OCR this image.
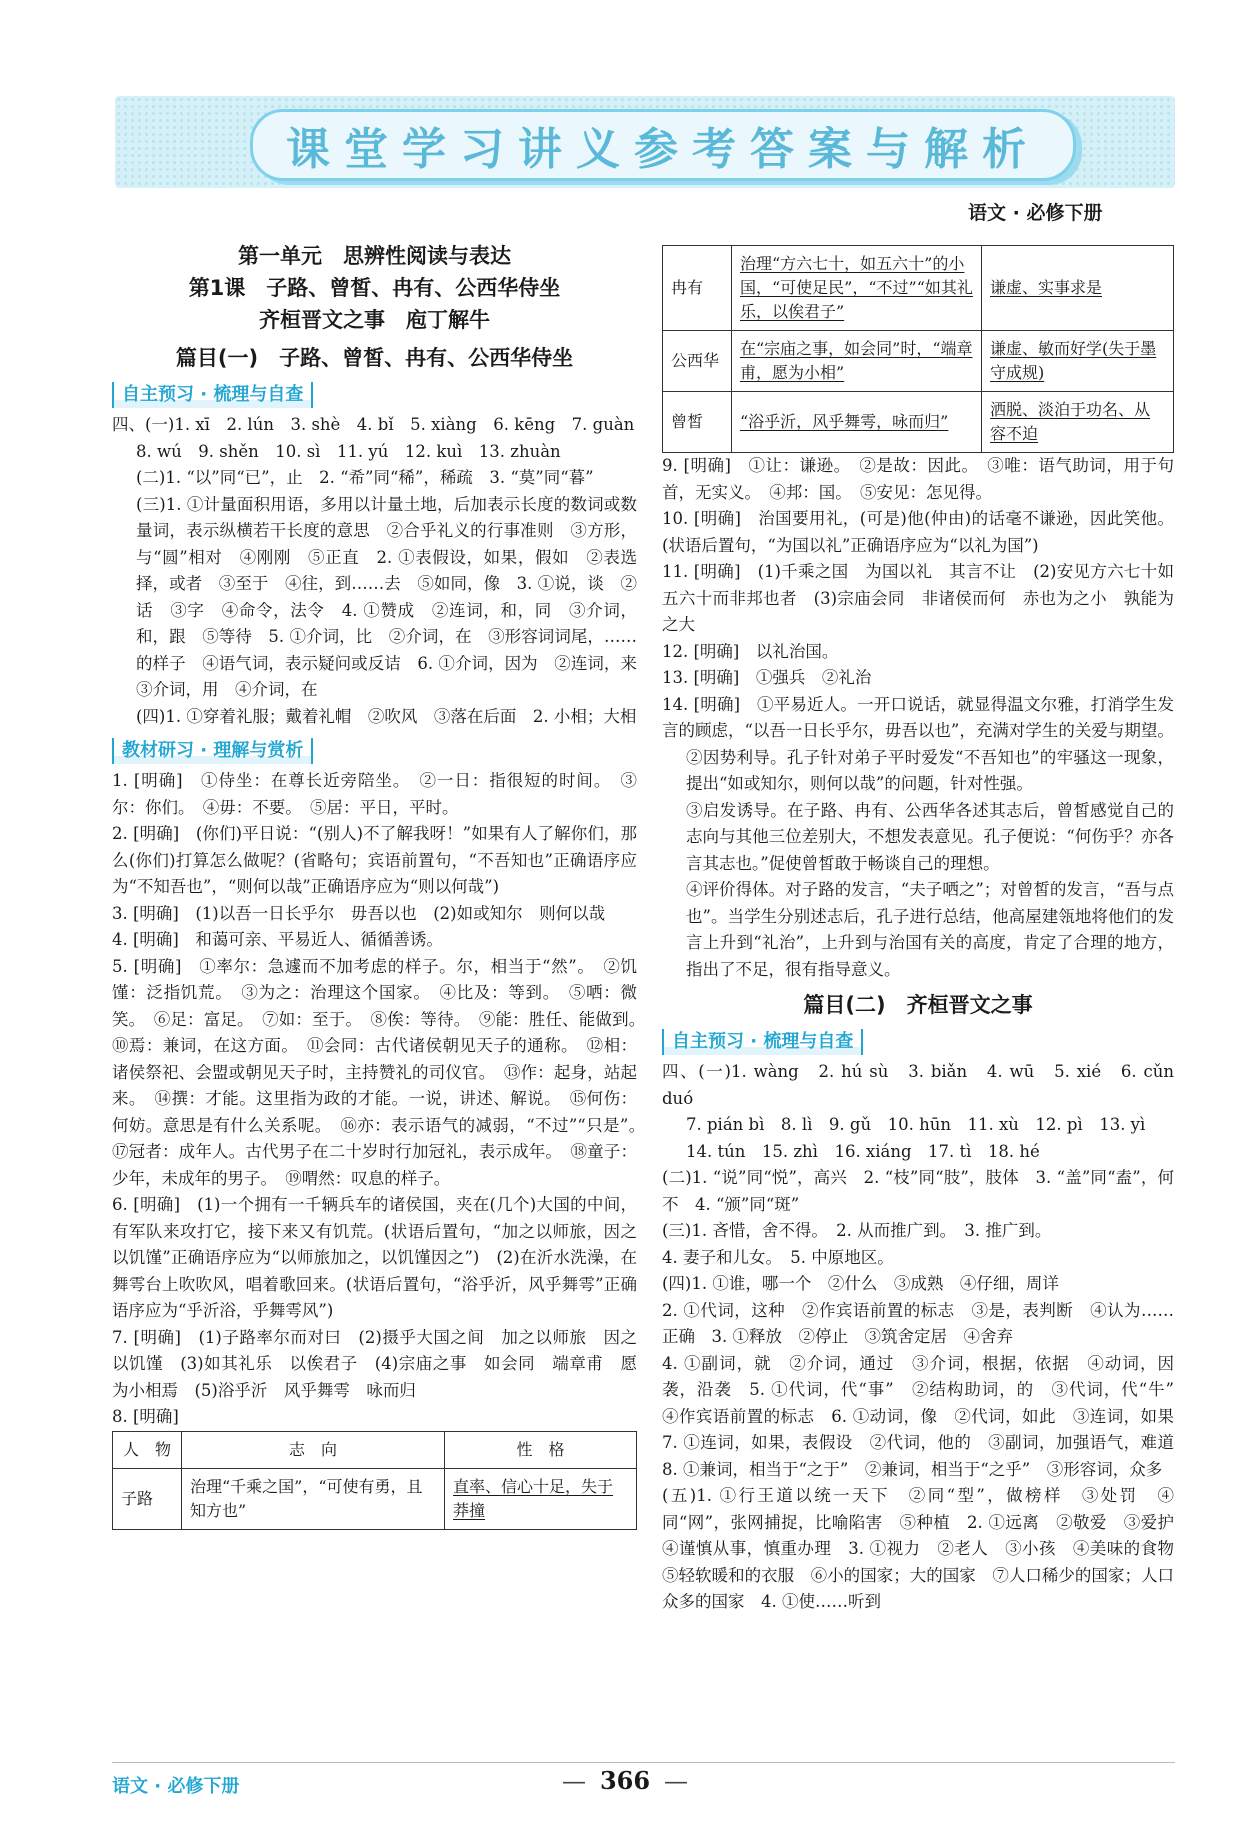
课堂学习讲义参考答案与解析
语文 · 必修下册
第一单元　思辨性阅读与表达
第1课　子路、曾皙、冉有、公西华侍坐
齐桓晋文之事　庖丁解牛
篇目(一)　子路、曾皙、冉有、公西华侍坐
自主预习 · 梳理与自查

四、(一)1. xī　2. lún　3. shè　4. bǐ　5. xiàng　6. kēng　7. guàn

8. wú　9. shěn　10. sì　11. yú　12. kuì　13. zhuàn

(二)1. “以”同“已”，止　2. “希”同“稀”，稀疏　3. “莫”同“暮”

(三)1. ①计量面积用语，多用以计量土地，后加表示长度的数词或数量词，表示纵横若干长度的意思　②合乎礼义的行事准则　③方形，与“圆”相对　④刚刚　⑤正直　2. ①表假设，如果，假如　②表选择，或者　③至于　④往，到……去　⑤如同，像　3. ①说，谈　②话　③字　④命令，法令　4. ①赞成　②连词，和，同　③介词，和，跟　⑤等待　5. ①介词，比　②介词，在　③形容词词尾，……的样子　④语气词，表示疑问或反诘　6. ①介词，因为　②连词，来　③介词，用　④介词，在

(四)1. ①穿着礼服；戴着礼帽　②吹风　③落在后面　2. 小相；大相

教材研习 · 理解与赏析

1. [明确]　①侍坐：在尊长近旁陪坐。　②一日：指很短的时间。　③尔：你们。　④毋：不要。　⑤居：平日，平时。

2. [明确]　(你们)平日说：“(别人)不了解我呀！”如果有人了解你们，那么(你们)打算怎么做呢？(省略句；宾语前置句，“不吾知也”正确语序应为“不知吾也”，“则何以哉”正确语序应为“则以何哉”)

3. [明确]　(1)以吾一日长乎尔　毋吾以也　(2)如或知尔　则何以哉

4. [明确]　和蔼可亲、平易近人、循循善诱。

5. [明确]　①率尔：急遽而不加考虑的样子。尔，相当于“然”。　②饥馑：泛指饥荒。　③为之：治理这个国家。　④比及：等到。　⑤哂：微笑。　⑥足：富足。　⑦如：至于。　⑧俟：等待。　⑨能：胜任、能做到。　⑩焉：兼词，在这方面。　⑪会同：古代诸侯朝见天子的通称。　⑫相：诸侯祭祀、会盟或朝见天子时，主持赞礼的司仪官。　⑬作：起身，站起来。　⑭撰：才能。这里指为政的才能。一说，讲述、解说。　⑮何伤：何妨。意思是有什么关系呢。　⑯亦：表示语气的减弱，“不过”“只是”。　⑰冠者：成年人。古代男子在二十岁时行加冠礼，表示成年。　⑱童子：少年，未成年的男子。　⑲喟然：叹息的样子。

6. [明确]　(1)一个拥有一千辆兵车的诸侯国，夹在(几个)大国的中间，有军队来攻打它，接下来又有饥荒。(状语后置句，“加之以师旅，因之以饥馑”正确语序应为“以师旅加之，以饥馑因之”)　(2)在沂水洗澡，在舞雩台上吹吹风，唱着歌回来。(状语后置句，“浴乎沂，风乎舞雩”正确语序应为“乎沂浴，乎舞雩风”)

7. [明确]　(1)子路率尔而对曰　(2)摄乎大国之间　加之以师旅　因之以饥馑　(3)如其礼乐　以俟君子　(4)宗庙之事　如会同　端章甫　愿为小相焉　(5)浴乎沂　风乎舞雩　咏而归

8. [明确]

人　物	志　向	性　格
子路	治理“千乘之国”，“可使有勇，且知方也”	直率、信心十足，失于莽撞
冉有	治理“方六七十，如五六十”的小国，“可使足民”，“不过”“如其礼乐，以俟君子”	谦虚、实事求是
公西华	在“宗庙之事，如会同”时，“端章甫，愿为小相”	谦虚、敏而好学(失于墨守成规)
曾皙	“浴乎沂，风乎舞雩，咏而归”	洒脱、淡泊于功名、从容不迫

9. [明确]　①让：谦逊。　②是故：因此。　③唯：语气助词，用于句首，无实义。　④邦：国。　⑤安见：怎见得。

10. [明确]　治国要用礼，(可是)他(仲由)的话毫不谦逊，因此笑他。(状语后置句，“为国以礼”正确语序应为“以礼为国”)

11. [明确]　(1)千乘之国　为国以礼　其言不让　(2)安见方六七十如五六十而非邦也者　(3)宗庙会同　非诸侯而何　赤也为之小　孰能为之大

12. [明确]　以礼治国。

13. [明确]　①强兵　②礼治

14. [明确]　①平易近人。一开口说话，就显得温文尔雅，打消学生发言的顾虑，“以吾一日长乎尔，毋吾以也”，充满对学生的关爱与期望。

②因势利导。孔子针对弟子平时爱发“不吾知也”的牢骚这一现象，提出“如或知尔，则何以哉”的问题，针对性强。

③启发诱导。在子路、冉有、公西华各述其志后，曾皙感觉自己的志向与其他三位差别大，不想发表意见。孔子便说：“何伤乎？亦各言其志也。”促使曾皙敢于畅谈自己的理想。

④评价得体。对子路的发言，“夫子哂之”；对曾皙的发言，“吾与点也”。当学生分别述志后，孔子进行总结，他高屋建瓴地将他们的发言上升到“礼治”，上升到与治国有关的高度，肯定了合理的地方，指出了不足，很有指导意义。

篇目(二)　齐桓晋文之事
自主预习 · 梳理与自查

四、(一)1. wàng　2. hú sù　3. biǎn　4. wū　5. xié　6. cǔn duó

7. pián bì　8. lì　9. gǔ　10. hūn　11. xù　12. pì　13. yì

14. tún　15. zhì　16. xiáng　17. tì　18. hé

(二)1. “说”同“悦”，高兴　2. “枝”同“肢”，肢体　3. “盖”同“盍”，何不　4. “颁”同“斑”

(三)1. 吝惜，舍不得。　2. 从而推广到。　3. 推广到。

4. 妻子和儿女。　5. 中原地区。

(四)1. ①谁，哪一个　②什么　③成熟　④仔细，周详

2. ①代词，这种　②作宾语前置的标志　③是，表判断　④认为……正确　3. ①释放　②停止　③筑舍定居　④舍弃

4. ①副词，就　②介词，通过　③介词，根据，依据　④动词，因袭，沿袭　5. ①代词，代“事”　②结构助词，的　③代词，代“牛”　④作宾语前置的标志　6. ①动词，像　②代词，如此　③连词，如果　7. ①连词，如果，表假设　②代词，他的　③副词，加强语气，难道　8. ①兼词，相当于“之于”　②兼词，相当于“之乎”　③形容词，众多

(五)1. ①行王道以统一天下　②同“型”，做榜样　③处罚　④同“网”，张网捕捉，比喻陷害　⑤种植　2. ①远离　②敬爱　③爱护　④谨慎从事，慎重办理　3. ①视力　②老人　③小孩　④美味的食物　⑤轻软暖和的衣服　⑥小的国家；大的国家　⑦人口稀少的国家；人口众多的国家　4. ①使……听到

语文 · 必修下册	— 366 —
